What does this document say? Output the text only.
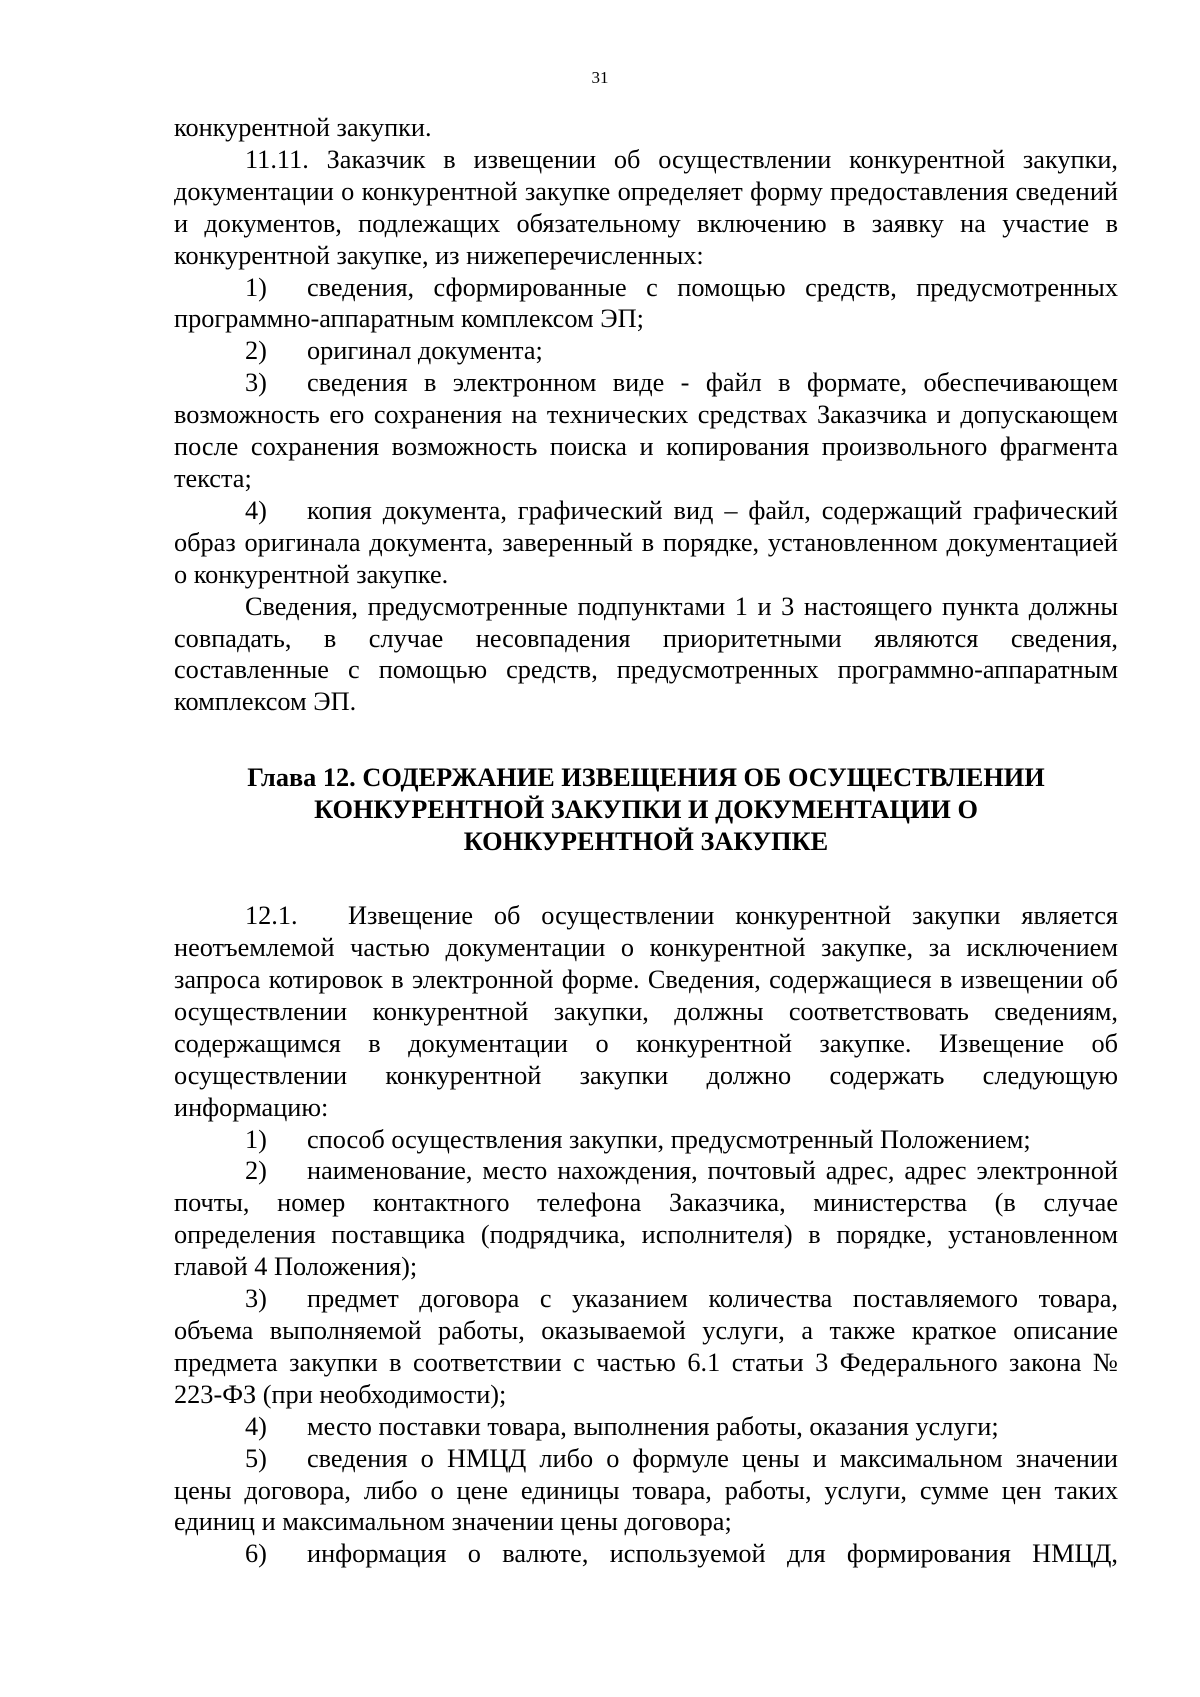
31

конкурентной закупки.

11.11. Заказчик в извещении об осуществлении конкурентной закупки, документации о конкурентной закупке определяет форму предоставления сведений и документов, подлежащих обязательному включению в заявку на участие в конкурентной закупке, из нижеперечисленных:

1) сведения, сформированные с помощью средств, предусмотренных программно-аппаратным комплексом ЭП;

2) оригинал документа;

3) сведения в электронном виде - файл в формате, обеспечивающем возможность его сохранения на технических средствах Заказчика и допускающем после сохранения возможность поиска и копирования произвольного фрагмента текста;

4) копия документа, графический вид – файл, содержащий графический образ оригинала документа, заверенный в порядке, установленном документацией о конкурентной закупке.

Сведения, предусмотренные подпунктами 1 и 3 настоящего пункта должны совпадать, в случае несовпадения приоритетными являются сведения, составленные с помощью средств, предусмотренных программно-аппаратным комплексом ЭП.

Глава 12. СОДЕРЖАНИЕ ИЗВЕЩЕНИЯ ОБ ОСУЩЕСТВЛЕНИИ
КОНКУРЕНТНОЙ ЗАКУПКИ И ДОКУМЕНТАЦИИ О
КОНКУРЕНТНОЙ ЗАКУПКЕ

12.1. Извещение об осуществлении конкурентной закупки является неотъемлемой частью документации о конкурентной закупке, за исключением запроса котировок в электронной форме. Сведения, содержащиеся в извещении об осуществлении конкурентной закупки, должны соответствовать сведениям, содержащимся в документации о конкурентной закупке. Извещение об осуществлении конкурентной закупки должно содержать следующую информацию:

1) способ осуществления закупки, предусмотренный Положением;

2) наименование, место нахождения, почтовый адрес, адрес электронной почты, номер контактного телефона Заказчика, министерства (в случае определения поставщика (подрядчика, исполнителя) в порядке, установленном главой 4 Положения);

3) предмет договора с указанием количества поставляемого товара, объема выполняемой работы, оказываемой услуги, а также краткое описание предмета закупки в соответствии с частью 6.1 статьи 3 Федерального закона № 223-ФЗ (при необходимости);

4) место поставки товара, выполнения работы, оказания услуги;

5) сведения о НМЦД либо о формуле цены и максимальном значении цены договора, либо о цене единицы товара, работы, услуги, сумме цен таких единиц и максимальном значении цены договора;

6) информация о валюте, используемой для формирования НМЦД,
